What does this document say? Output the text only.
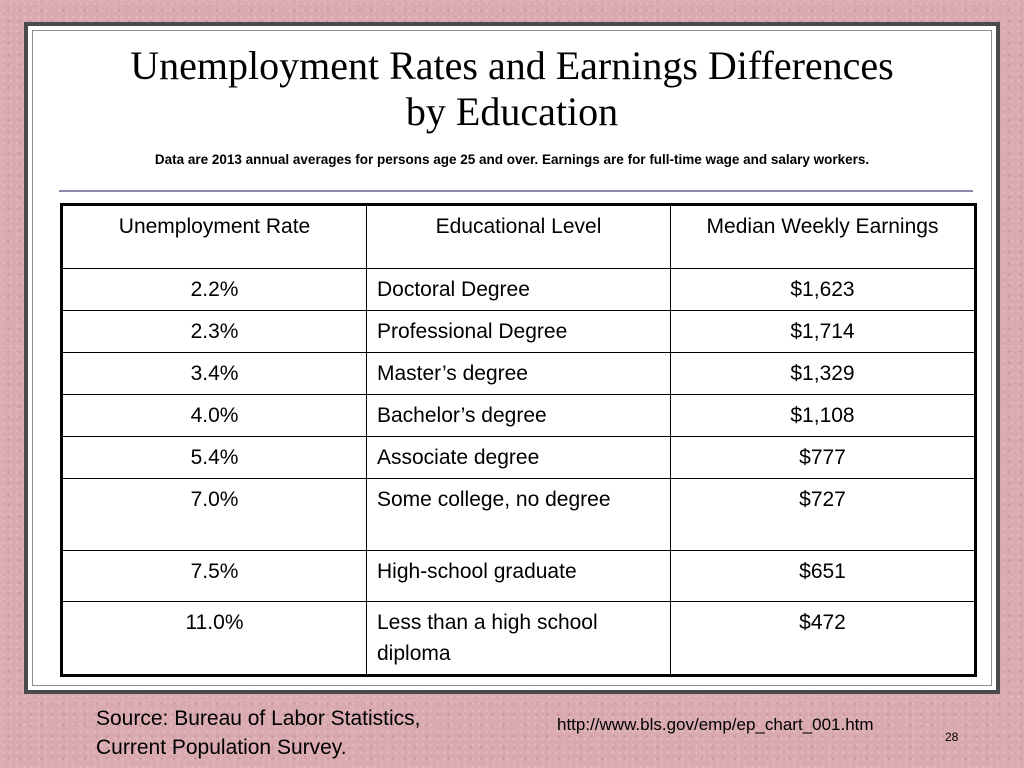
Unemployment Rates and Earnings Differences
by Education
Data are 2013 annual averages for persons age 25 and over. Earnings are for full-time wage and salary workers.
Unemployment Rate	Educational Level	Median Weekly Earnings
2.2%	Doctoral Degree	$1,623
2.3%	Professional Degree	$1,714
3.4%	Master’s degree	$1,329
4.0%	Bachelor’s degree	$1,108
5.4%	Associate degree	$777
7.0%	Some college, no degree	$727
7.5%	High-school graduate	$651
11.0%	Less than a high school diploma	$472
Source: Bureau of Labor Statistics,
Current Population Survey.
http://www.bls.gov/emp/ep_chart_001.htm
28
